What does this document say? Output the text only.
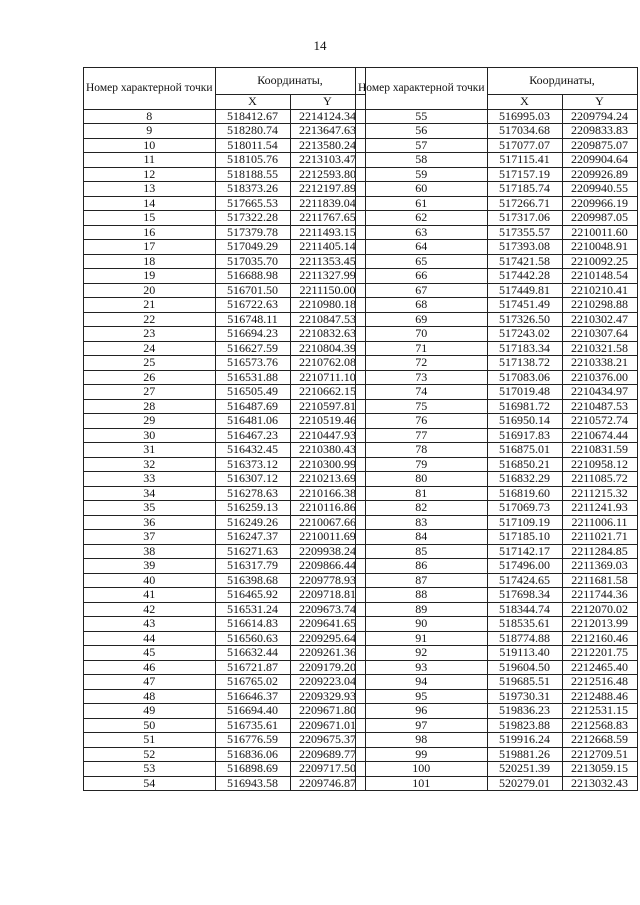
14
Номер характерной точки	Координаты,	
	X	Y
8	518412.67	2214124.34
9	518280.74	2213647.63
10	518011.54	2213580.24
11	518105.76	2213103.47
12	518188.55	2212593.80
13	518373.26	2212197.89
14	517665.53	2211839.04
15	517322.28	2211767.65
16	517379.78	2211493.15
17	517049.29	2211405.14
18	517035.70	2211353.45
19	516688.98	2211327.99
20	516701.50	2211150.00
21	516722.63	2210980.18
22	516748.11	2210847.53
23	516694.23	2210832.63
24	516627.59	2210804.39
25	516573.76	2210762.08
26	516531.88	2210711.10
27	516505.49	2210662.15
28	516487.69	2210597.81
29	516481.06	2210519.46
30	516467.23	2210447.93
31	516432.45	2210380.43
32	516373.12	2210300.99
33	516307.12	2210213.69
34	516278.63	2210166.38
35	516259.13	2210116.86
36	516249.26	2210067.66
37	516247.37	2210011.69
38	516271.63	2209938.24
39	516317.79	2209866.44
40	516398.68	2209778.93
41	516465.92	2209718.81
42	516531.24	2209673.74
43	516614.83	2209641.65
44	516560.63	2209295.64
45	516632.44	2209261.36
46	516721.87	2209179.20
47	516765.02	2209223.04
48	516646.37	2209329.93
49	516694.40	2209671.80
50	516735.61	2209671.01
51	516776.59	2209675.37
52	516836.06	2209689.77
53	516898.69	2209717.50
54	516943.58	2209746.87
Номер характерной точки	Координаты,	
	X	Y
55	516995.03	2209794.24
56	517034.68	2209833.83
57	517077.07	2209875.07
58	517115.41	2209904.64
59	517157.19	2209926.89
60	517185.74	2209940.55
61	517266.71	2209966.19
62	517317.06	2209987.05
63	517355.57	2210011.60
64	517393.08	2210048.91
65	517421.58	2210092.25
66	517442.28	2210148.54
67	517449.81	2210210.41
68	517451.49	2210298.88
69	517326.50	2210302.47
70	517243.02	2210307.64
71	517183.34	2210321.58
72	517138.72	2210338.21
73	517083.06	2210376.00
74	517019.48	2210434.97
75	516981.72	2210487.53
76	516950.14	2210572.74
77	516917.83	2210674.44
78	516875.01	2210831.59
79	516850.21	2210958.12
80	516832.29	2211085.72
81	516819.60	2211215.32
82	517069.73	2211241.93
83	517109.19	2211006.11
84	517185.10	2211021.71
85	517142.17	2211284.85
86	517496.00	2211369.03
87	517424.65	2211681.58
88	517698.34	2211744.36
89	518344.74	2212070.02
90	518535.61	2212013.99
91	518774.88	2212160.46
92	519113.40	2212201.75
93	519604.50	2212465.40
94	519685.51	2212516.48
95	519730.31	2212488.46
96	519836.23	2212531.15
97	519823.88	2212568.83
98	519916.24	2212668.59
99	519881.26	2212709.51
100	520251.39	2213059.15
101	520279.01	2213032.43
